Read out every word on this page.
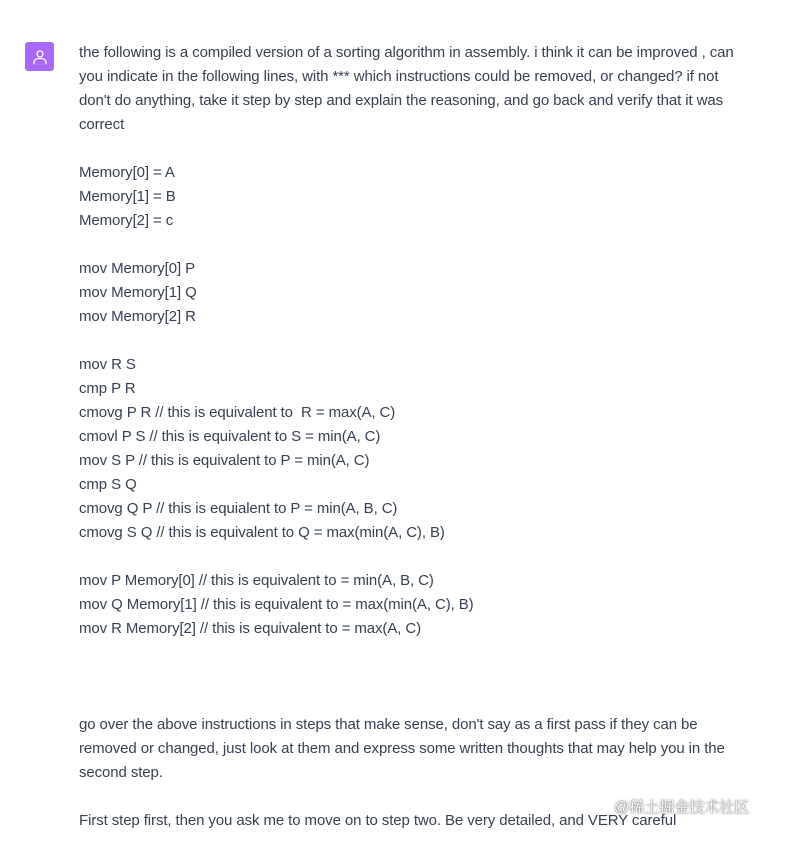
the following is a compiled version of a sorting algorithm in assembly. i think it can be improved , can you indicate in the following lines, with *** which instructions could be removed, or changed? if not don't do anything, take it step by step and explain the reasoning, and go back and verify that it was correct

Memory[0] = A

Memory[1] = B

Memory[2] = c

mov Memory[0] P

mov Memory[1] Q

mov Memory[2] R

mov R S

cmp P R

cmovg P R // this is equivalent to  R = max(A, C)

cmovl P S // this is equivalent to S = min(A, C)

mov S P // this is equivalent to P = min(A, C)

cmp S Q

cmovg Q P // this is equialent to P = min(A, B, C)

cmovg S Q // this is equivalent to Q = max(min(A, C), B)

mov P Memory[0] // this is equivalent to = min(A, B, C)

mov Q Memory[1] // this is equivalent to = max(min(A, C), B)

mov R Memory[2] // this is equivalent to = max(A, C)

go over the above instructions in steps that make sense, don't say as a first pass if they can be removed or changed, just look at them and express some written thoughts that may help you in the second step.

First step first, then you ask me to move on to step two. Be very detailed, and VERY careful

@稀土掘金技术社区
